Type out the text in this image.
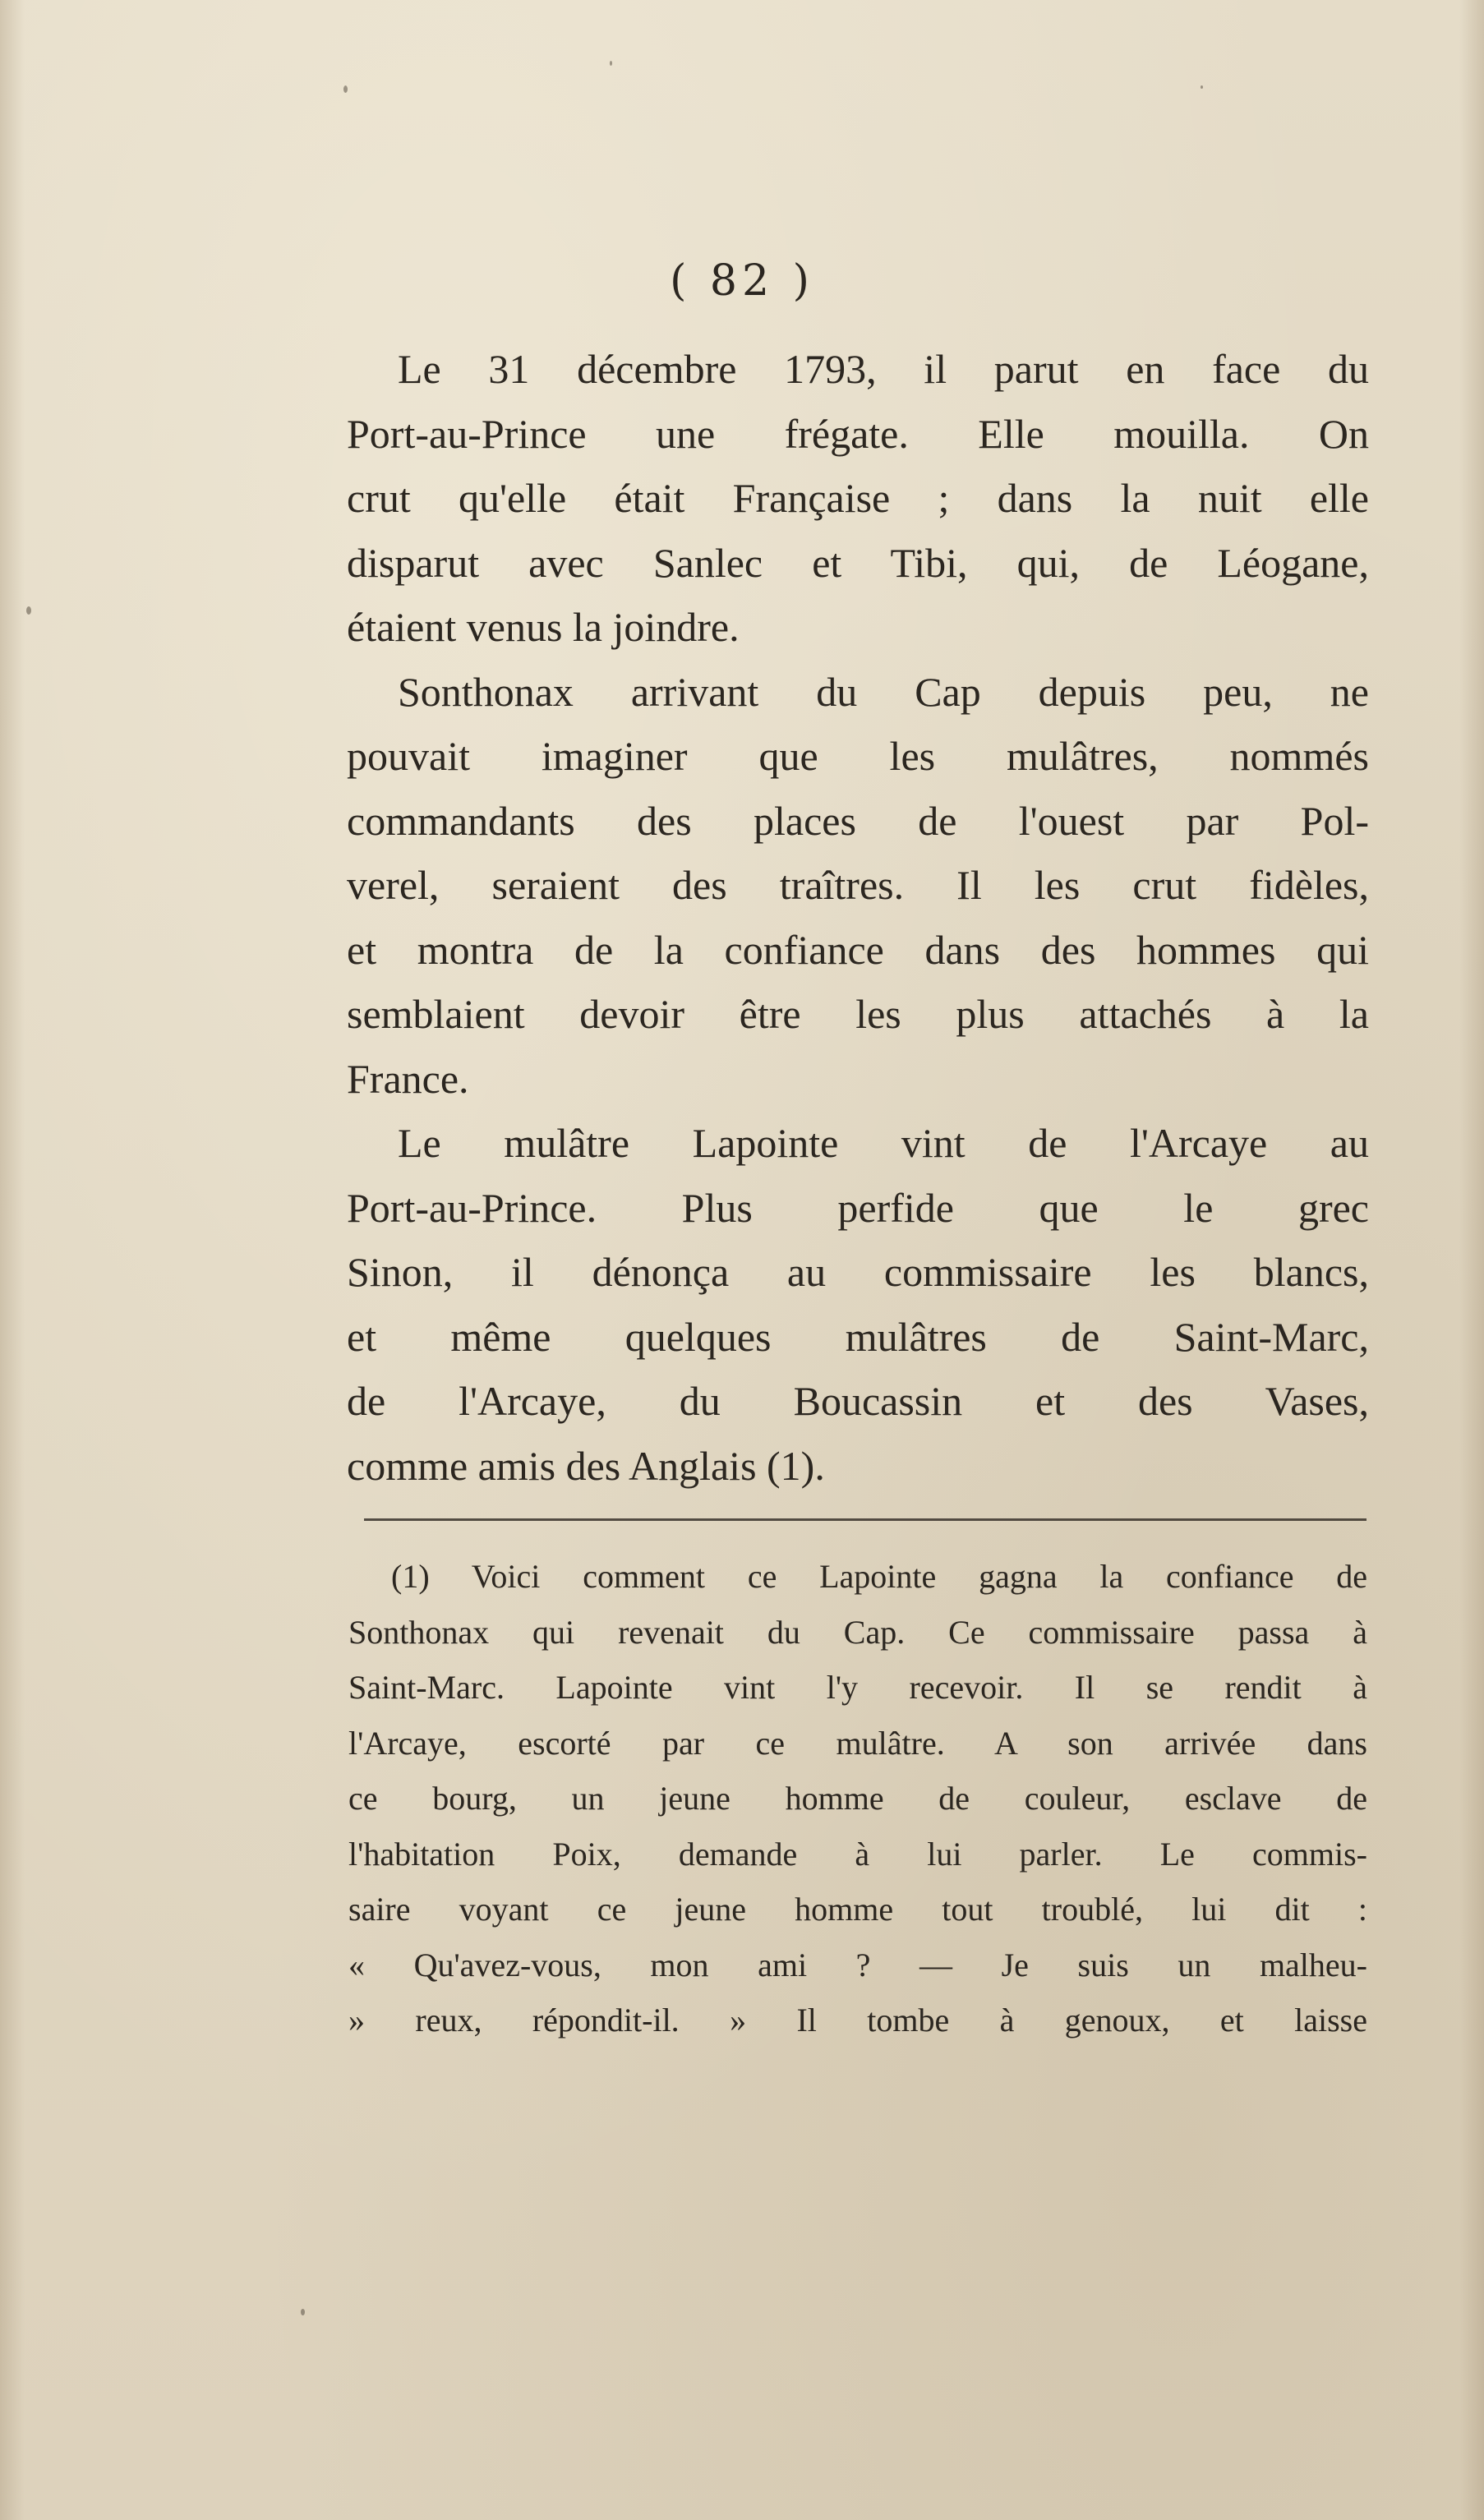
( 82 )
Le 31 décembre 1793, il parut en face du
Port-au-Prince une frégate. Elle mouilla. On
crut qu'elle était Française ; dans la nuit elle
disparut avec Sanlec et Tibi, qui, de Léogane,
étaient venus la joindre.
Sonthonax arrivant du Cap depuis peu, ne
pouvait imaginer que les mulâtres, nommés
commandants des places de l'ouest par Pol-
verel, seraient des traîtres. Il les crut fidèles,
et montra de la confiance dans des hommes qui
semblaient devoir être les plus attachés à la
France.
Le mulâtre Lapointe vint de l'Arcaye au
Port-au-Prince. Plus perfide que le grec
Sinon, il dénonça au commissaire les blancs,
et même quelques mulâtres de Saint-Marc,
de l'Arcaye, du Boucassin et des Vases,
comme amis des Anglais (1).
(1) Voici comment ce Lapointe gagna la confiance de
Sonthonax qui revenait du Cap. Ce commissaire passa à
Saint-Marc. Lapointe vint l'y recevoir. Il se rendit à
l'Arcaye, escorté par ce mulâtre. A son arrivée dans
ce bourg, un jeune homme de couleur, esclave de
l'habitation Poix, demande à lui parler. Le commis-
saire voyant ce jeune homme tout troublé, lui dit :
« Qu'avez-vous, mon ami ? — Je suis un malheu-
» reux, répondit-il. » Il tombe à genoux, et laisse
